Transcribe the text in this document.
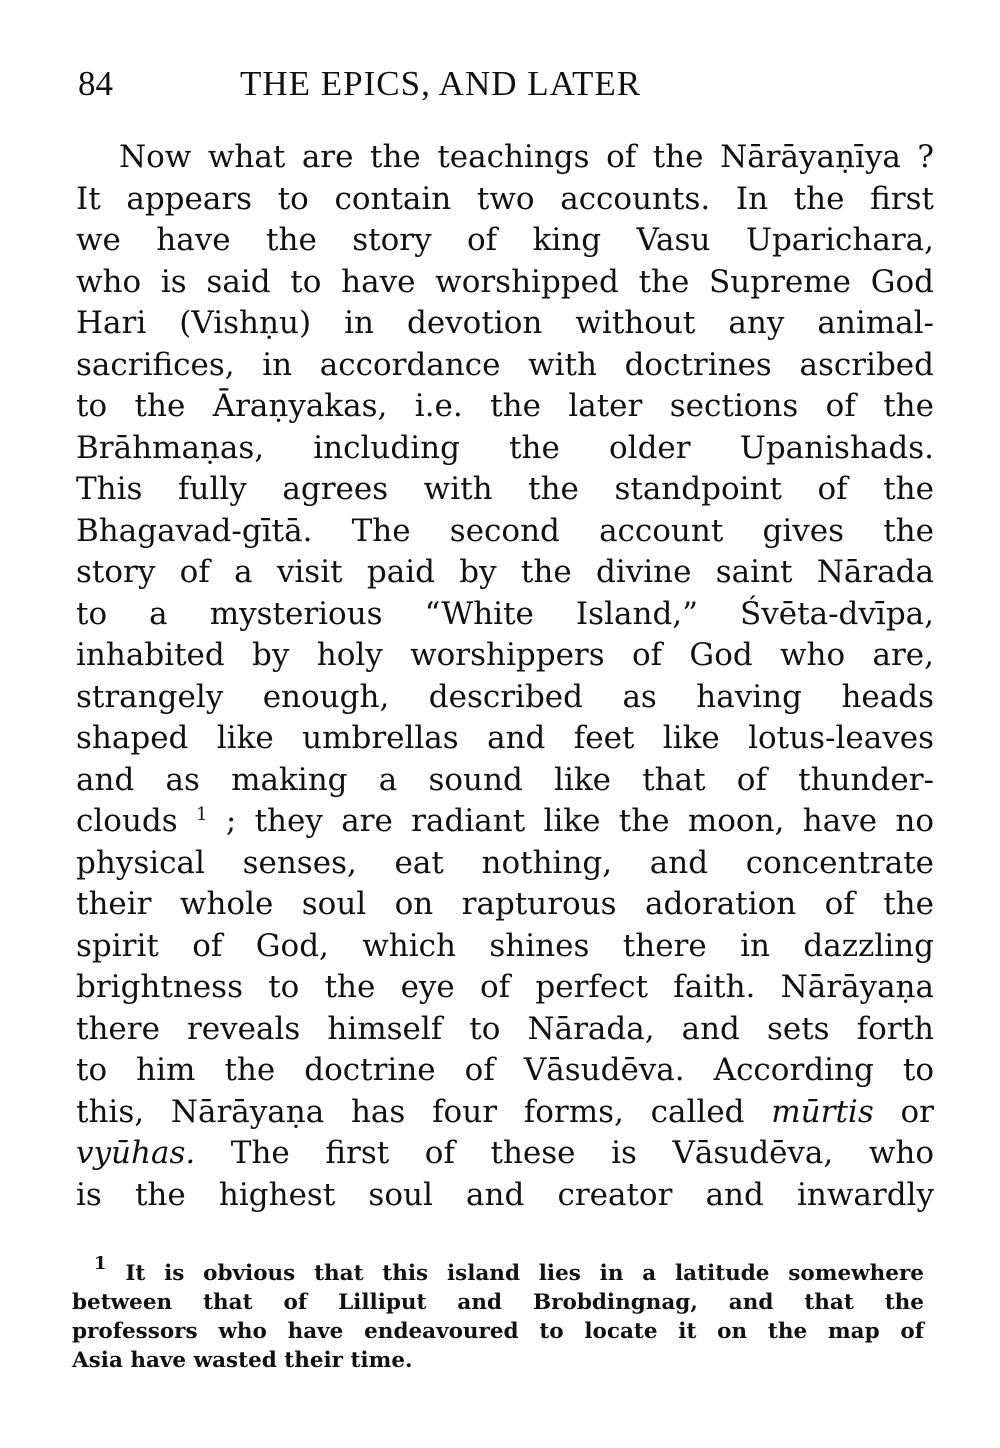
84	THE EPICS, AND LATER
Now what are the teachings of the Nārāyaṇīya ?
It appears to contain two accounts. In the first
we have the story of king Vasu Uparichara,
who is said to have worshipped the Supreme God
Hari (Vishṇu) in devotion without any animal-
sacrifices, in accordance with doctrines ascribed
to the Āraṇyakas, i.e. the later sections of the
Brāhmaṇas, including the older Upanishads.
This fully agrees with the standpoint of the
Bhagavad-gītā. The second account gives the
story of a visit paid by the divine saint Nārada
to a mysterious “White Island,” Śvēta-dvīpa,
inhabited by holy worshippers of God who are,
strangely enough, described as having heads
shaped like umbrellas and feet like lotus-leaves
and as making a sound like that of thunder-
clouds $^1$ ; they are radiant like the moon, have no
physical senses, eat nothing, and concentrate
their whole soul on rapturous adoration of the
spirit of God, which shines there in dazzling
brightness to the eye of perfect faith. Nārāyaṇa
there reveals himself to Nārada, and sets forth
to him the doctrine of Vāsudēva. According to
this, Nārāyaṇa has four forms, called mūrtis or
vyūhas. The first of these is Vāsudēva, who
is the highest soul and creator and inwardly
$^1$ It is obvious that this island lies in a latitude somewhere
between that of Lilliput and Brobdingnag, and that the
professors who have endeavoured to locate it on the map of
Asia have wasted their time.
